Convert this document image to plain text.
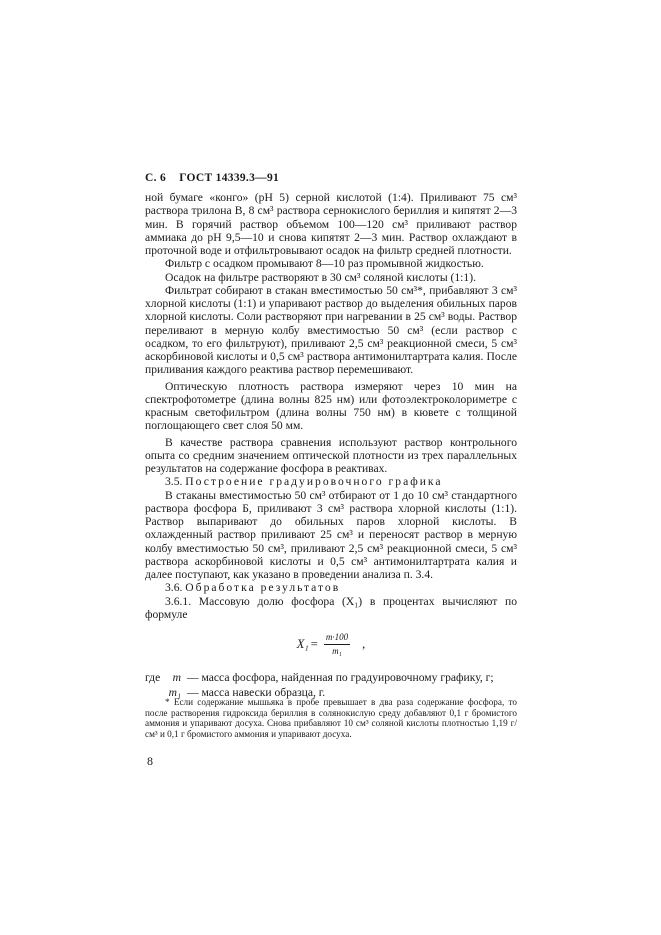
С. 6 ГОСТ 14339.3—91

ной бумаге «конго» (рН 5) серной кислотой (1:4). Приливают 75 см³ раствора трилона B, 8 см³ раствора сернокислого бериллия и кипятят 2—3 мин. В горячий раствор объемом 100—120 см³ приливают раствор аммиака до рН 9,5—10 и снова кипятят 2—3 мин. Раствор охлаждают в проточной воде и отфильтровывают осадок на фильтр средней плотности.

Фильтр с осадком промывают 8—10 раз промывной жидкостью.

Осадок на фильтре растворяют в 30 см³ соляной кислоты (1:1).

Фильтрат собирают в стакан вместимостью 50 см³*, прибавляют 3 см³ хлорной кислоты (1:1) и упаривают раствор до выделения обильных паров хлорной кислоты. Соли растворяют при нагревании в 25 см³ воды. Раствор переливают в мерную колбу вместимостью 50 см³ (если раствор с осадком, то его фильтруют), приливают 2,5 см³ реакционной смеси, 5 см³ аскорбиновой кислоты и 0,5 см³ раствора антимонилтартрата калия. После приливания каждого реактива раствор перемешивают.

Оптическую плотность раствора измеряют через 10 мин на спектрофотометре (длина волны 825 нм) или фотоэлектроколориметре с красным светофильтром (длина волны 750 нм) в кювете с толщиной поглощающего свет слоя 50 мм.

В качестве раствора сравнения используют раствор контрольного опыта со средним значением оптической плотности из трех параллельных результатов на содержание фосфора в реактивах.

3.5. Построение градуировочного графика

В стаканы вместимостью 50 см³ отбирают от 1 до 10 см³ стандартного раствора фосфора Б, приливают 3 см³ раствора хлорной кислоты (1:1). Раствор выпаривают до обильных паров хлорной кислоты. В охлажденный раствор приливают 25 см³ и переносят раствор в мерную колбу вместимостью 50 см³, приливают 2,5 см³ реакционной смеси, 5 см³ раствора аскорбиновой кислоты и 0,5 см³ антимонилтартрата калия и далее поступают, как указано в проведении анализа п. 3.4.

3.6. Обработка результатов

3.6.1. Массовую долю фосфора (X₁) в процентах вычисляют по формуле

$X_1 = \frac{m\cdot 100}{\text{m₁}}$ ,
где	m — масса фосфора, найденная по градуировочному графику, г;
m₁ — масса навески образца, г.

* Если содержание мышьяка в пробе превышает в два раза содержание фосфора, то после растворения гидроксида бериллия в солянокислую среду добавляют 0,1 г бромистого аммония и упаривают досуха. Снова прибавляют 10 см³ соляной кислоты плотностью 1,19 г/см³ и 0,1 г бромистого аммония и упаривают досуха.

8
